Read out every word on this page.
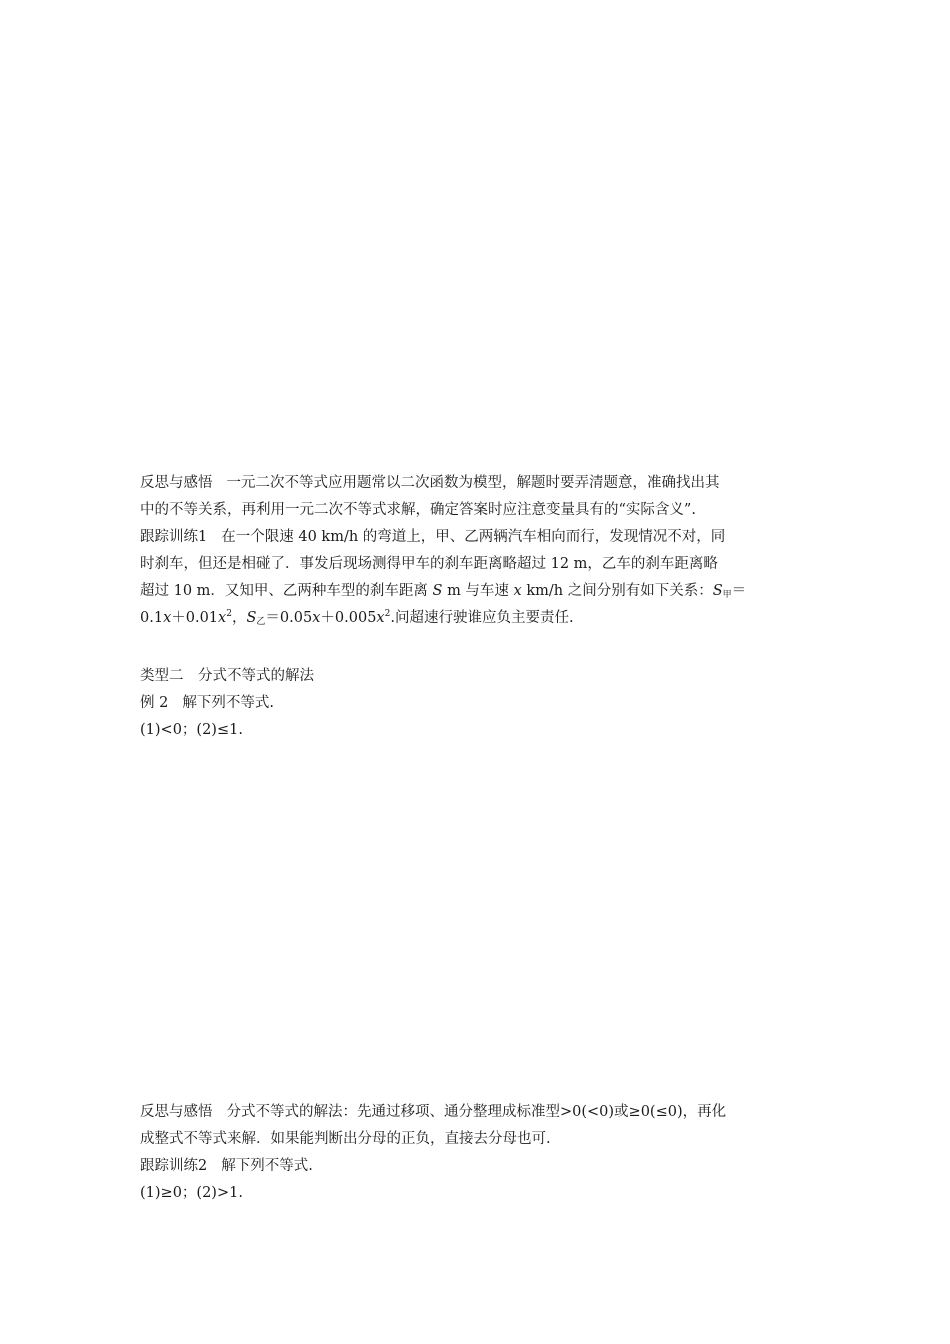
反思与感悟 一元二次不等式应用题常以二次函数为模型，解题时要弄清题意，准确找出其
中的不等关系，再利用一元二次不等式求解，确定答案时应注意变量具有的“实际含义”.
跟踪训练1 在一个限速 40 km/h 的弯道上，甲、乙两辆汽车相向而行，发现情况不对，同
时刹车，但还是相碰了．事发后现场测得甲车的刹车距离略超过 12 m，乙车的刹车距离略
超过 10 m．又知甲、乙两种车型的刹车距离 S m 与车速 x km/h 之间分别有如下关系：$S_甲=$
$0.1x+0.01x^2$，$S_乙=0.05x+0.005x^2$.问超速行驶谁应负主要责任.
类型二　分式不等式的解法
例 2 解下列不等式.
(1)<0；(2)≤1.
反思与感悟 分式不等式的解法：先通过移项、通分整理成标准型>0(<0)或≥0(≤0)，再化
成整式不等式来解．如果能判断出分母的正负，直接去分母也可.
跟踪训练2 解下列不等式.
(1)≥0；(2)>1.
